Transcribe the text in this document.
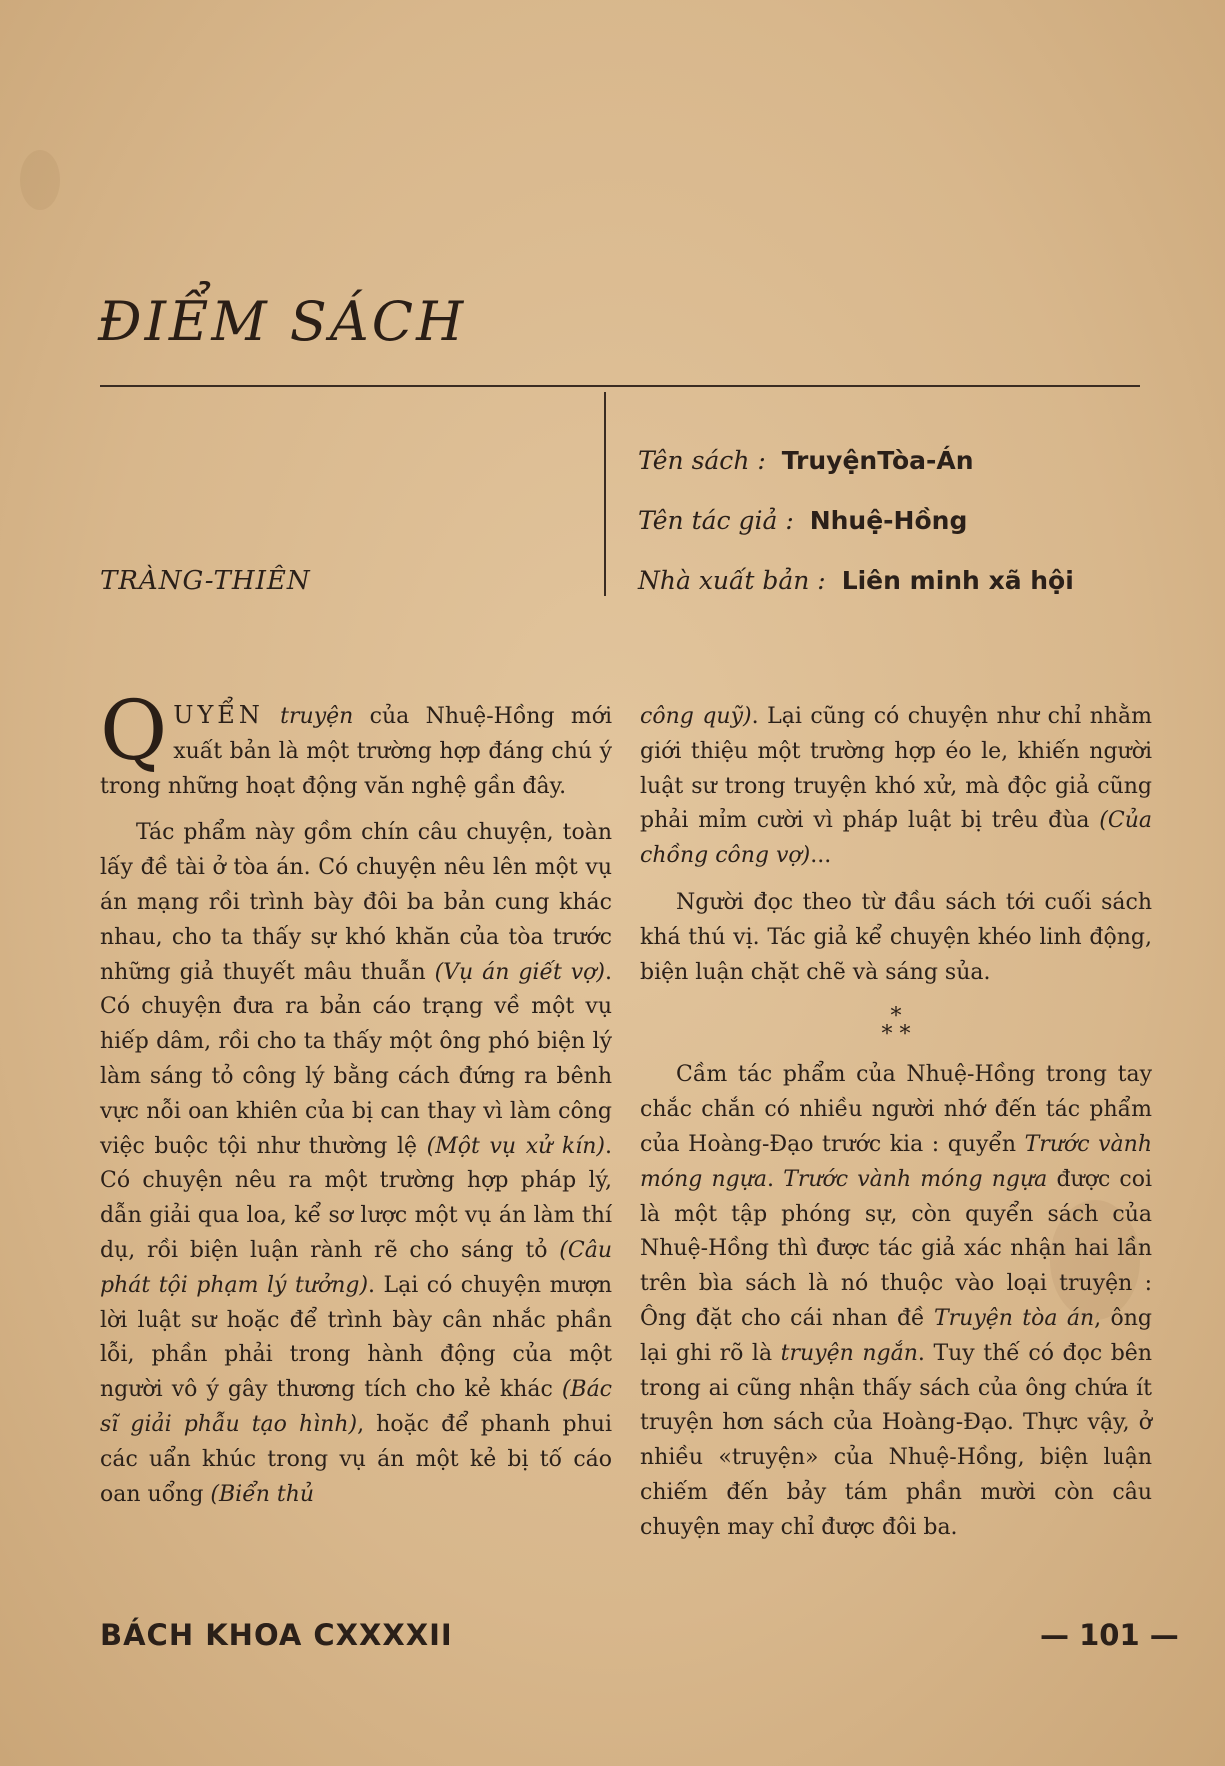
ĐIỂM SÁCH

TRÀNG-THIÊN

Tên sách : TruyệnTòa-Án
Tên tác giả : Nhuệ-Hồng
Nhà xuất bản : Liên minh xã hội

QUYỂN truyện của Nhuệ-Hồng mới xuất bản là một trường hợp đáng chú ý trong những hoạt động văn nghệ gần đây.

Tác phẩm này gồm chín câu chuyện, toàn lấy đề tài ở tòa án. Có chuyện nêu lên một vụ án mạng rồi trình bày đôi ba bản cung khác nhau, cho ta thấy sự khó khăn của tòa trước những giả thuyết mâu thuẫn (Vụ án giết vợ). Có chuyện đưa ra bản cáo trạng về một vụ hiếp dâm, rồi cho ta thấy một ông phó biện lý làm sáng tỏ công lý bằng cách đứng ra bênh vực nỗi oan khiên của bị can thay vì làm công việc buộc tội như thường lệ (Một vụ xử kín). Có chuyện nêu ra một trường hợp pháp lý, dẫn giải qua loa, kể sơ lược một vụ án làm thí dụ, rồi biện luận rành rẽ cho sáng tỏ (Câu phát tội phạm lý tưởng). Lại có chuyện mượn lời luật sư hoặc để trình bày cân nhắc phần lỗi, phần phải trong hành động của một người vô ý gây thương tích cho kẻ khác (Bác sĩ giải phẫu tạo hình), hoặc để phanh phui các uẩn khúc trong vụ án một kẻ bị tố cáo oan uổng (Biển thủ

công quỹ). Lại cũng có chuyện như chỉ nhằm giới thiệu một trường hợp éo le, khiến người luật sư trong truyện khó xử, mà độc giả cũng phải mỉm cười vì pháp luật bị trêu đùa (Của chồng công vợ)...

Người đọc theo từ đầu sách tới cuối sách khá thú vị. Tác giả kể chuyện khéo linh động, biện luận chặt chẽ và sáng sủa.

*
* *

Cầm tác phẩm của Nhuệ-Hồng trong tay chắc chắn có nhiều người nhớ đến tác phẩm của Hoàng-Đạo trước kia : quyển Trước vành móng ngựa. Trước vành móng ngựa được coi là một tập phóng sự, còn quyển sách của Nhuệ-Hồng thì được tác giả xác nhận hai lần trên bìa sách là nó thuộc vào loại truyện : Ông đặt cho cái nhan đề Truyện tòa án, ông lại ghi rõ là truyện ngắn. Tuy thế có đọc bên trong ai cũng nhận thấy sách của ông chứa ít truyện hơn sách của Hoàng-Đạo. Thực vậy, ở nhiều «truyện» của Nhuệ-Hồng, biện luận chiếm đến bảy tám phần mười còn câu chuyện may chỉ được đôi ba.

BÁCH KHOA CXXXXII	— 101 —
